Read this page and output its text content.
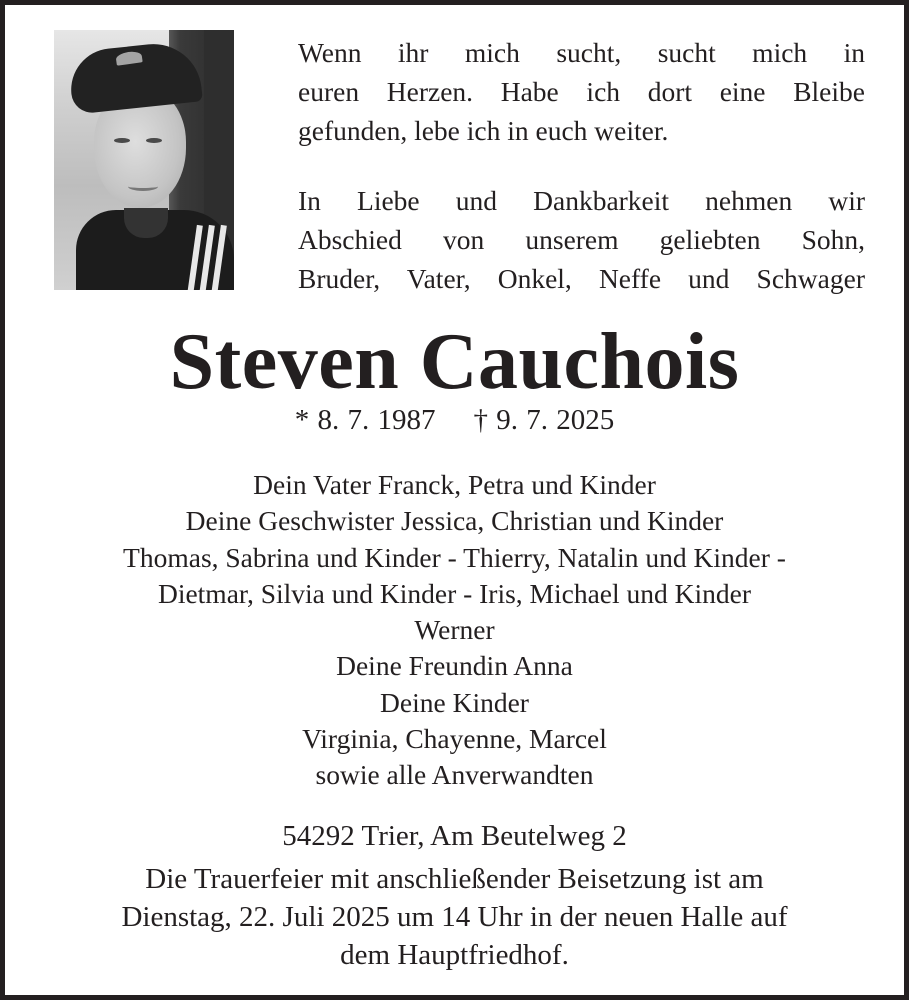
Wenn ihr mich sucht, sucht mich in
euren Herzen. Habe ich dort eine Bleibe
gefunden, lebe ich in euch weiter.
In Liebe und Dankbarkeit nehmen wir
Abschied von unserem geliebten Sohn,
Bruder, Vater, Onkel, Neffe und Schwager
Steven Cauchois
* 8. 7. 1987 † 9. 7. 2025
Dein Vater Franck, Petra und Kinder
Deine Geschwister Jessica, Christian und Kinder
Thomas, Sabrina und Kinder - Thierry, Natalin und Kinder -
Dietmar, Silvia und Kinder - Iris, Michael und Kinder
Werner
Deine Freundin Anna
Deine Kinder
Virginia, Chayenne, Marcel
sowie alle Anverwandten
54292 Trier, Am Beutelweg 2
Die Trauerfeier mit anschließender Beisetzung ist am
Dienstag, 22. Juli 2025 um 14 Uhr in der neuen Halle auf
dem Hauptfriedhof.
